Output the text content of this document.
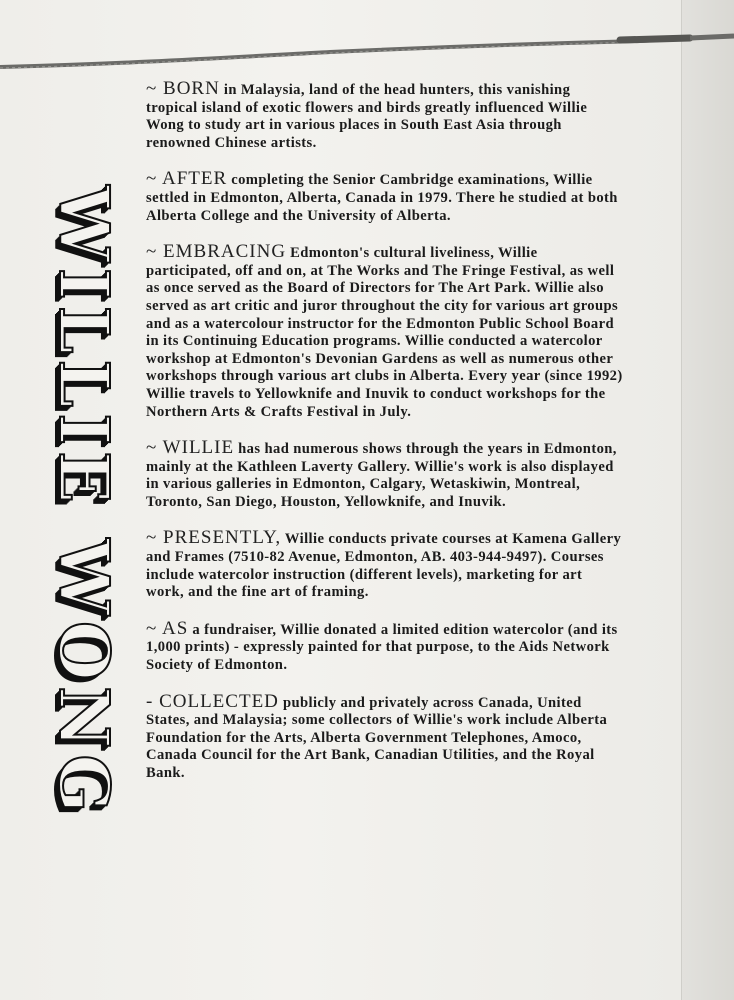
WILLIE WONG

~ BORN in Malaysia, land of the head hunters, this vanishing tropical island of exotic flowers and birds greatly influenced Willie Wong to study art in various places in South East Asia through renowned Chinese artists.

~ AFTER completing the Senior Cambridge examinations, Willie settled in Edmonton, Alberta, Canada in 1979. There he studied at both Alberta College and the University of Alberta.

~ EMBRACING Edmonton's cultural liveliness, Willie participated, off and on, at The Works and The Fringe Festival, as well as once served as the Board of Directors for The Art Park. Willie also served as art critic and juror throughout the city for various art groups and as a watercolour instructor for the Edmonton Public School Board in its Continuing Education programs. Willie conducted a watercolor workshop at Edmonton's Devonian Gardens as well as numerous other workshops through various art clubs in Alberta. Every year (since 1992) Willie travels to Yellowknife and Inuvik to conduct workshops for the Northern Arts & Crafts Festival in July.

~ WILLIE has had numerous shows through the years in Edmonton, mainly at the Kathleen Laverty Gallery. Willie's work is also displayed in various galleries in Edmonton, Calgary, Wetaskiwin, Montreal, Toronto, San Diego, Houston, Yellowknife, and Inuvik.

~ PRESENTLY, Willie conducts private courses at Kamena Gallery and Frames (7510-82 Avenue, Edmonton, AB. 403-944-9497). Courses include watercolor instruction (different levels), marketing for art work, and the fine art of framing.

~ AS a fundraiser, Willie donated a limited edition watercolor (and its 1,000 prints) - expressly painted for that purpose, to the Aids Network Society of Edmonton.

- COLLECTED publicly and privately across Canada, United States, and Malaysia; some collectors of Willie's work include Alberta Foundation for the Arts, Alberta Government Telephones, Amoco, Canada Council for the Art Bank, Canadian Utilities, and the Royal Bank.
